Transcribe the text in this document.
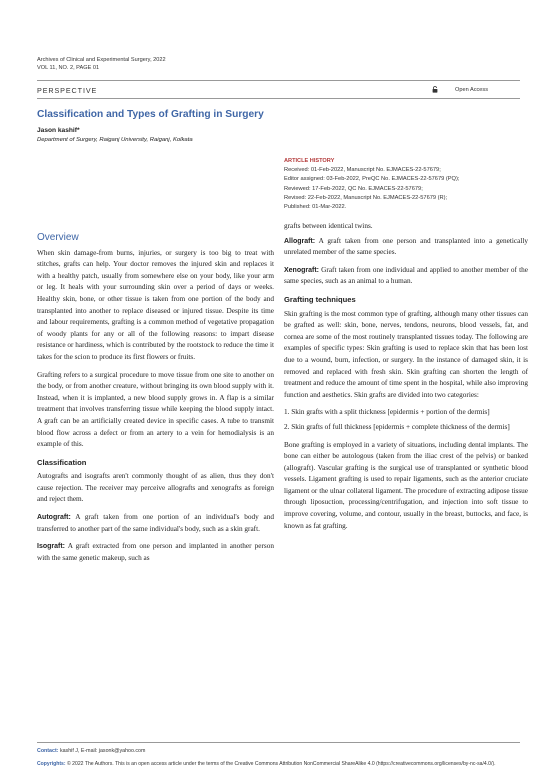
Archives of Clinical and Experimental Surgery, 2022
VOL 11, NO. 2, PAGE 01
PERSPECTIVE	Open Access
Classification and Types of Grafting in Surgery
Jason kashif*
Department of Surgery, Raiganj University, Raiganj, Kolkata
ARTICLE HISTORY
Received: 01-Feb-2022, Manuscript No. EJMACES-22-57679;
Editor assigned: 03-Feb-2022, PreQC No. EJMACES-22-57679 (PQ);
Reviewed: 17-Feb-2022, QC No. EJMACES-22-57679;
Revised: 22-Feb-2022, Manuscript No. EJMACES-22-57679 (R);
Published: 01-Mar-2022.
Overview

When skin damage-from burns, injuries, or surgery is too big to treat with stitches, grafts can help. Your doctor removes the injured skin and replaces it with a healthy patch, usually from somewhere else on your body, like your arm or leg. It heals with your surrounding skin over a period of days or weeks. Healthy skin, bone, or other tissue is taken from one portion of the body and transplanted into another to replace diseased or injured tissue. Despite its time and labour requirements, grafting is a common method of vegetative propagation of woody plants for any or all of the following reasons: to impart disease resistance or hardiness, which is contributed by the rootstock to reduce the time it takes for the scion to produce its first flowers or fruits.

Grafting refers to a surgical procedure to move tissue from one site to another on the body, or from another creature, without bringing its own blood supply with it. Instead, when it is implanted, a new blood supply grows in. A flap is a similar treatment that involves transferring tissue while keeping the blood supply intact. A graft can be an artificially created device in specific cases. A tube to transmit blood flow across a defect or from an artery to a vein for hemodialysis is an example of this.

Classification

Autografts and isografts aren't commonly thought of as alien, thus they don't cause rejection. The receiver may perceive allografts and xenografts as foreign and reject them.

Autograft: A graft taken from one portion of an individual's body and transferred to another part of the same individual's body, such as a skin graft.

Isograft: A graft extracted from one person and implanted in another person with the same genetic makeup, such as

grafts between identical twins.

Allograft: A graft taken from one person and transplanted into a genetically unrelated member of the same species.

Xenograft: Graft taken from one individual and applied to another member of the same species, such as an animal to a human.

Grafting techniques

Skin grafting is the most common type of grafting, although many other tissues can be grafted as well: skin, bone, nerves, tendons, neurons, blood vessels, fat, and cornea are some of the most routinely transplanted tissues today. The following are examples of specific types: Skin grafting is used to replace skin that has been lost due to a wound, burn, infection, or surgery. In the instance of damaged skin, it is removed and replaced with fresh skin. Skin grafting can shorten the length of treatment and reduce the amount of time spent in the hospital, while also improving function and aesthetics. Skin grafts are divided into two categories:

1. Skin grafts with a split thickness [epidermis + portion of the dermis]

2. Skin grafts of full thickness [epidermis + complete thickness of the dermis]

Bone grafting is employed in a variety of situations, including dental implants. The bone can either be autologous (taken from the iliac crest of the pelvis) or banked (allograft). Vascular grafting is the surgical use of transplanted or synthetic blood vessels. Ligament grafting is used to repair ligaments, such as the anterior cruciate ligament or the ulnar collateral ligament. The procedure of extracting adipose tissue through liposuction, processing/centrifugation, and injection into soft tissue to improve covering, volume, and contour, usually in the breast, buttocks, and face, is known as fat grafting.

Contact: kashif J, E-mail: jasonk@yahoo.com
Copyrights: © 2022 The Authors. This is an open access article under the terms of the Creative Commons Attribution NonCommercial ShareAlike 4.0 (https://creativecommons.org/licenses/by-nc-sa/4.0/).
